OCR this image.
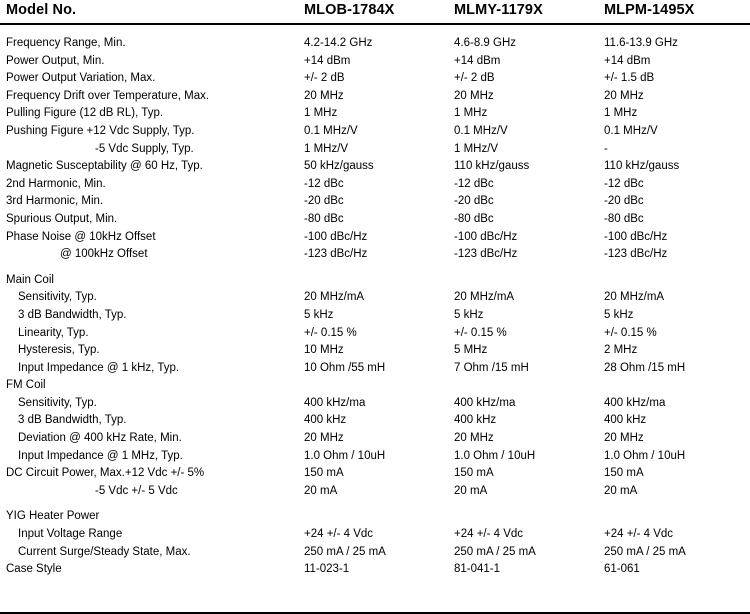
Model No.	MLOB-1784X	MLMY-1179X	MLPM-1495X

Frequency Range, Min.	4.2-14.2 GHz	4.6-8.9 GHz	11.6-13.9 GHz
Power Output, Min.	+14 dBm	+14 dBm	+14 dBm
Power Output Variation, Max.	+/- 2 dB	+/- 2 dB	+/- 1.5 dB
Frequency Drift over Temperature, Max.	20 MHz	20 MHz	20 MHz
Pulling Figure (12 dB RL), Typ.	1 MHz	1 MHz	1 MHz
Pushing Figure +12 Vdc Supply, Typ.	0.1 MHz/V	0.1 MHz/V	0.1 MHz/V
-5 Vdc Supply, Typ.	1 MHz/V	1 MHz/V	-
Magnetic Susceptability @ 60 Hz, Typ.	50 kHz/gauss	110 kHz/gauss	110 kHz/gauss
2nd Harmonic, Min.	-12 dBc	-12 dBc	-12 dBc
3rd Harmonic, Min.	-20 dBc	-20 dBc	-20 dBc
Spurious Output, Min.	-80 dBc	-80 dBc	-80 dBc
Phase Noise @ 10kHz Offset	-100 dBc/Hz	-100 dBc/Hz	-100 dBc/Hz
@ 100kHz Offset	-123 dBc/Hz	-123 dBc/Hz	-123 dBc/Hz

Main Coil			
Sensitivity, Typ.	20 MHz/mA	20 MHz/mA	20 MHz/mA
3 dB Bandwidth, Typ.	5 kHz	5 kHz	5 kHz
Linearity, Typ.	+/- 0.15 %	+/- 0.15 %	+/- 0.15 %
Hysteresis, Typ.	10 MHz	5 MHz	2 MHz
Input Impedance @ 1 kHz, Typ.	10 Ohm /55 mH	7 Ohm /15 mH	28 Ohm /15 mH
FM Coil			
Sensitivity, Typ.	400 kHz/ma	400 kHz/ma	400 kHz/ma
3 dB Bandwidth, Typ.	400 kHz	400 kHz	400 kHz
Deviation @ 400 kHz Rate, Min.	20 MHz	20 MHz	20 MHz
Input Impedance @ 1 MHz, Typ.	1.0 Ohm / 10uH	1.0 Ohm / 10uH	1.0 Ohm / 10uH
DC Circuit Power, Max.+12 Vdc +/- 5%	150 mA	150 mA	150 mA
-5 Vdc +/- 5 Vdc	20 mA	20 mA	20 mA

YIG Heater Power			
Input Voltage Range	+24 +/- 4 Vdc	+24 +/- 4 Vdc	+24 +/- 4 Vdc
Current Surge/Steady State, Max.	250 mA / 25 mA	250 mA / 25 mA	250 mA / 25 mA
Case Style	11-023-1	81-041-1	61-061
